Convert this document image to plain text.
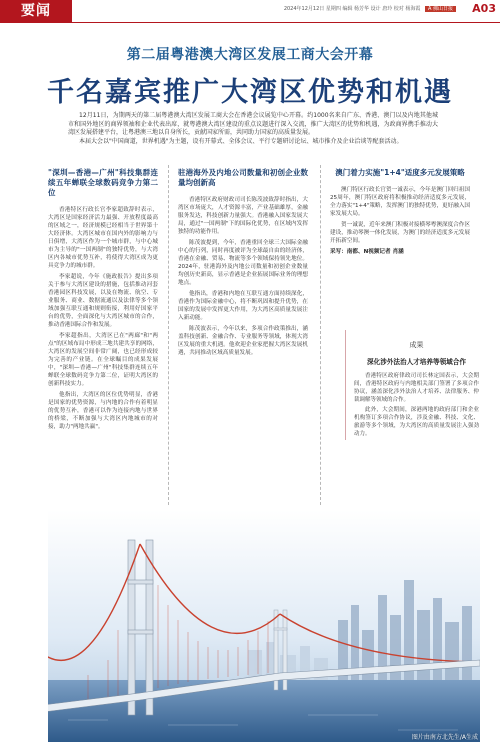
要闻	2024年12月12日 星期四 编辑 杨芳华 设计 唐玲 校对 杨海霞 A 佛山日报 A03
第二届粤港澳大湾区发展工商大会开幕
千名嘉宾推广大湾区优势和机遇
12月11日，为期两天的第二届粤港澳大湾区发展工商大会在香港会议展览中心开幕。约1000名来自广东、香港、澳门以及内地其他城市和国外地区的商界领袖和企业代表出席，就粤港澳大湾区建设的重点议题进行深入交流，推广大湾区的优势和机遇，为政商界携手推动大湾区发展搭建平台，让粤港澳三地以自身所长，贡献国家所需，共同助力国家的高质量发展。
本届大会以"中国商道，世界机遇"为主题，设有开幕式、全体会议、平行专题研讨论坛、城市推介及企业洽谈等配套活动。
"深圳—香港—广州"科技集群连续五年蝉联全球数码竞争力第二位

香港特区行政长官李家超致辞时表示，大湾区是国家经济活力最强、开放程度最高的区域之一，经济规模已经相当于世界第十大经济体。大湾区城市在国内外的影响力与日俱增，大湾区作为一个城市群，与中心城市为主导的"一国两制"的独特优势，与大湾区内各城市优势互补，将使得大湾区成为更具竞争力的城市群。

李家超说，今年《施政报告》提出多项关于参与大湾区建设的措施，包括推动河套香港园区科技发展，以及在物流、航空、专业服务、商业、数据流通以及法律等多个领域加强互联互通和规则衔接，利用好国家平台的优势，全面深化与大湾区城市的合作，推动香港国际合作和发展。

李家超指出，大湾区已在"两廊"和"两点"的区域布局中形成三地共建共享的网络，大湾区的发展空间非常广阔，也已经形成较为完善的产业链。在全球瞩目的成果发展中，"深圳—香港—广州"科技集群连续五年蝉联全球数码竞争力第二位，证明大湾区的创新科技实力。

他指出，大湾区的区位优势明显，香港是国家的优势资源，与内地的合作有着明显的优势互补，香港可以作为连接内地与世界的桥梁，不断加强与大湾区内地城市的对接，助力"两地共赢"。

驻港海外及内地公司数量和初创企业数量均创新高

香港特区政府财政司司长陈茂波致辞时指出，大湾区市场庞大，人才资源丰富，产业基础雄厚，金融服务发达，科技创新力量强大。香港融入国家发展大局，通过"一国两制"下的国际化优势，在区域内发挥独特的功能作用。

陈茂波提到，今年，香港重回全球三大国际金融中心的行列，同时再度被评为全球最自由的经济体，香港在金融、贸易、物流等多个领域保持领先地位。2024年，驻港海外及内地公司数量和初创企业数量均创历史新高，显示香港是企业拓展国际业务的理想地点。

他指出，香港和内地在互联互通方面持续深化，香港作为国际金融中心，将不断巩固和提升优势，在国家的发展中发挥更大作用，为大湾区高质量发展注入新动能。

陈茂波表示，今年以来，多项合作政策推出，涵盖科技创新、金融合作、专业服务等领域，体现大湾区发展的重大机遇。他欢迎企业家把握大湾区发展机遇，共同推动区域高质量发展。

澳门着力实施"1+4"适度多元发展策略

澳门特区行政长官贺一诚表示，今年是澳门回归祖国25周年，澳门特区政府将积极推动经济适度多元发展，全力落实"1+4"策略，发挥澳门的独特优势，更好融入国家发展大局。

贺一诚说，近年来澳门积极对接横琴粤澳深度合作区建设，推动琴澳一体化发展，为澳门的经济适度多元发展开拓新空间。

采写：南都、N视频记者 肖涵

成果
深化涉外法治人才培养等领域合作

香港特区政府律政司司长林定国表示，大会期间，香港特区政府与内地相关部门签署了多项合作协议，涵盖深化涉外法治人才培养、法律服务、仲裁调解等领域的合作。

此外，大会期间，深港两地的政府部门和企业机构签订多项合作协议，涉及金融、科技、文化、旅游等多个领域，为大湾区的高质量发展注入强劲动力。

图片由南方北先生/A生成
